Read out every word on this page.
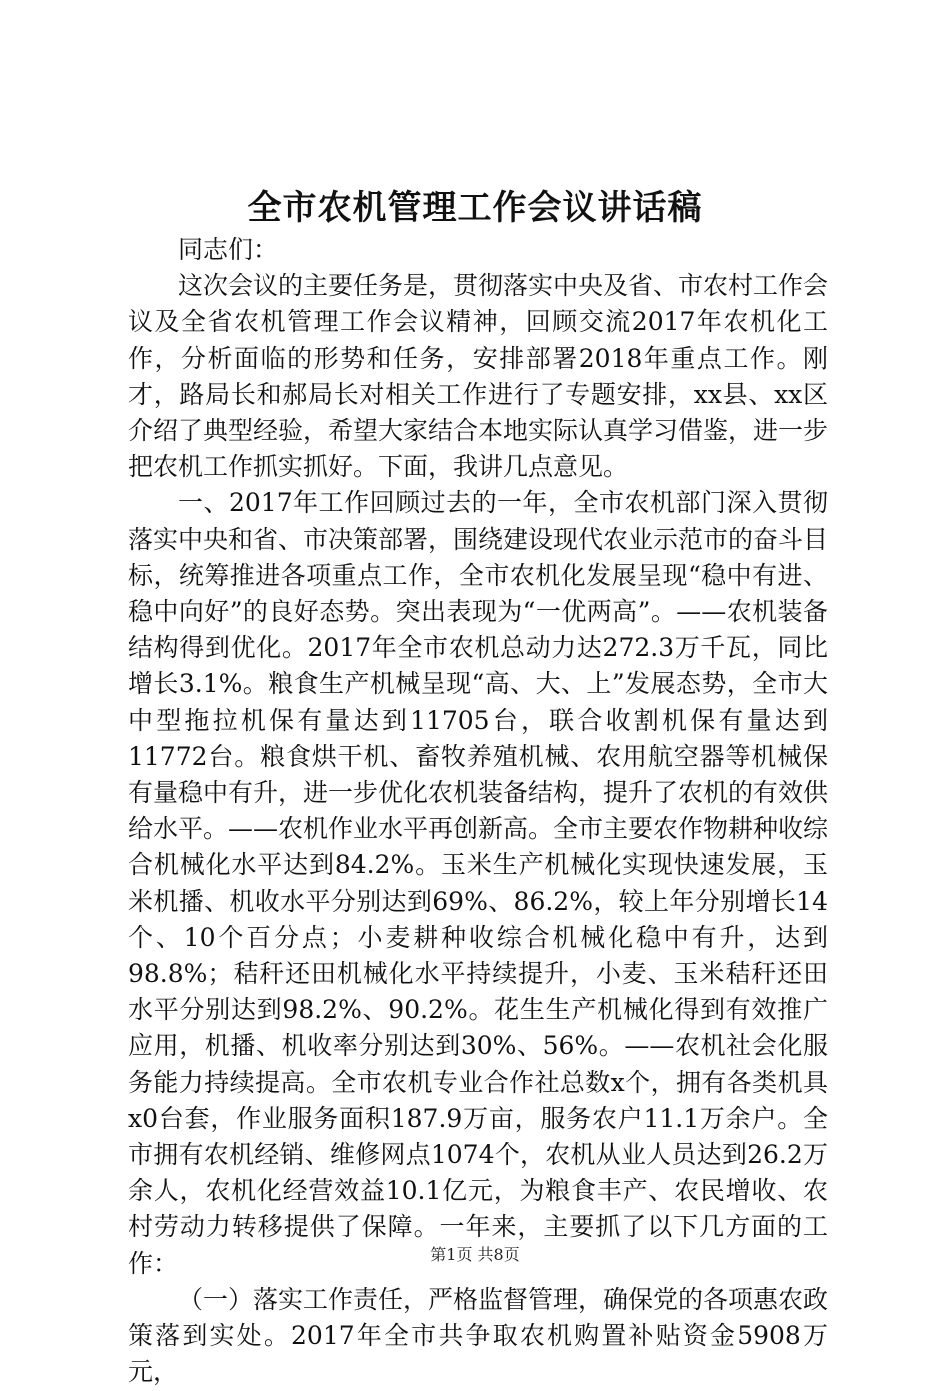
全市农机管理工作会议讲话稿

同志们：

这次会议的主要任务是，贯彻落实中央及省、市农村工作会议及全省农机管理工作会议精神，回顾交流2017年农机化工作，分析面临的形势和任务，安排部署2018年重点工作。刚才，路局长和郝局长对相关工作进行了专题安排，xx县、xx区介绍了典型经验，希望大家结合本地实际认真学习借鉴，进一步把农机工作抓实抓好。下面，我讲几点意见。

一、2017年工作回顾过去的一年，全市农机部门深入贯彻落实中央和省、市决策部署，围绕建设现代农业示范市的奋斗目标，统筹推进各项重点工作，全市农机化发展呈现“稳中有进、稳中向好”的良好态势。突出表现为“一优两高”。——农机装备结构得到优化。2017年全市农机总动力达272.3万千瓦，同比增长3.1%。粮食生产机械呈现“高、大、上”发展态势，全市大中型拖拉机保有量达到11705台，联合收割机保有量达到11772台。粮食烘干机、畜牧养殖机械、农用航空器等机械保有量稳中有升，进一步优化农机装备结构，提升了农机的有效供给水平。——农机作业水平再创新高。全市主要农作物耕种收综合机械化水平达到84.2%。玉米生产机械化实现快速发展，玉米机播、机收水平分别达到69%、86.2%，较上年分别增长14个、10个百分点；小麦耕种收综合机械化稳中有升，达到98.8%；秸秆还田机械化水平持续提升，小麦、玉米秸秆还田水平分别达到98.2%、90.2%。花生生产机械化得到有效推广应用，机播、机收率分别达到30%、56%。——农机社会化服务能力持续提高。全市农机专业合作社总数x个，拥有各类机具x0台套，作业服务面积187.9万亩，服务农户11.1万余户。全市拥有农机经销、维修网点1074个，农机从业人员达到26.2万余人，农机化经营效益10.1亿元，为粮食丰产、农民增收、农村劳动力转移提供了保障。一年来，主要抓了以下几方面的工作：

（一）落实工作责任，严格监督管理，确保党的各项惠农政策落到实处。2017年全市共争取农机购置补贴资金5908万元，

第1页 共8页
